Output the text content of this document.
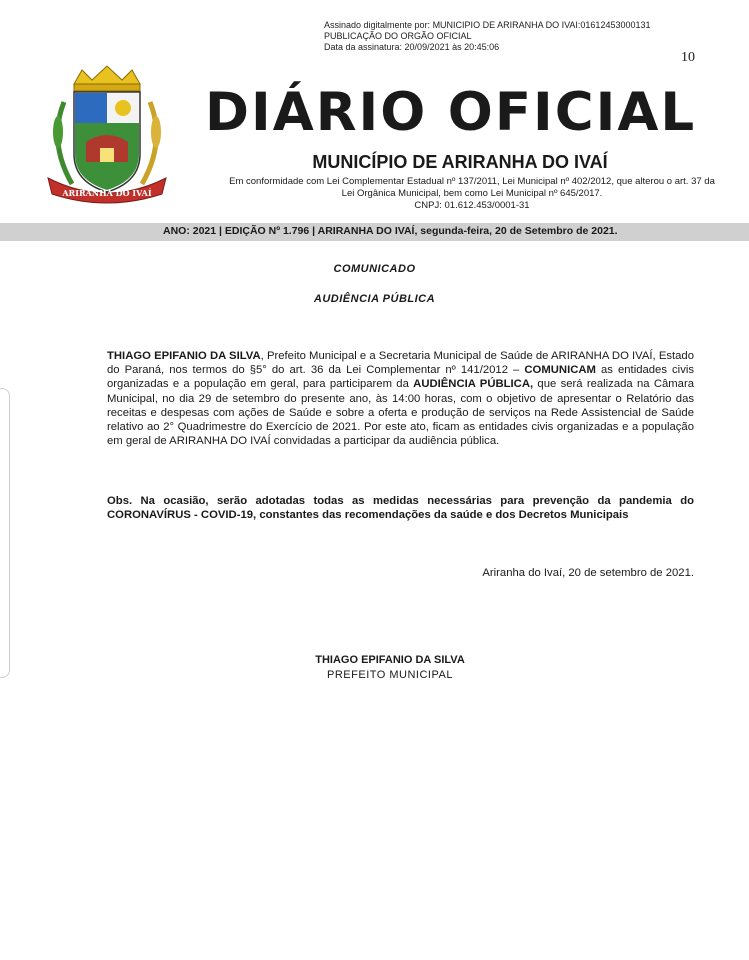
Assinado digitalmente por: MUNICIPIO DE ARIRANHA DO IVAI:01612453000131
PUBLICAÇÃO DO ORGÃO OFICIAL
Data da assinatura: 20/09/2021 às 20:45:06
10
ARIRANHA DO IVAÍ
DIÁRIO OFICIAL
MUNICÍPIO DE ARIRANHA DO IVAÍ
Em conformidade com Lei Complementar Estadual nº 137/2011, Lei Municipal nº 402/2012, que alterou o art. 37 da
Lei Orgânica Municipal, bem como Lei Municipal nº 645/2017.
CNPJ: 01.612.453/0001-31
ANO: 2021 | EDIÇÃO Nº 1.796 | ARIRANHA DO IVAÍ, segunda-feira, 20 de Setembro de 2021.
COMUNICADO
AUDIÊNCIA PÚBLICA
THIAGO EPIFANIO DA SILVA, Prefeito Municipal e a Secretaria Municipal de Saúde de ARIRANHA DO IVAÍ, Estado do Paraná, nos termos do §5° do art. 36 da Lei Complementar nº 141/2012 – COMUNICAM as entidades civis organizadas e a população em geral, para participarem da AUDIÊNCIA PÚBLICA, que será realizada na Câmara Municipal, no dia 29 de setembro do presente ano, às 14:00 horas, com o objetivo de apresentar o Relatório das receitas e despesas com ações de Saúde e sobre a oferta e produção de serviços na Rede Assistencial de Saúde relativo ao 2° Quadrimestre do Exercício de 2021. Por este ato, ficam as entidades civis organizadas e a população em geral de ARIRANHA DO IVAÍ convidadas a participar da audiência pública.
Obs. Na ocasião, serão adotadas todas as medidas necessárias para prevenção da pandemia do CORONAVÍRUS - COVID-19, constantes das recomendações da saúde e dos Decretos Municipais
Ariranha do Ivaí, 20 de setembro de 2021.
THIAGO EPIFANIO DA SILVA
PREFEITO MUNICIPAL
